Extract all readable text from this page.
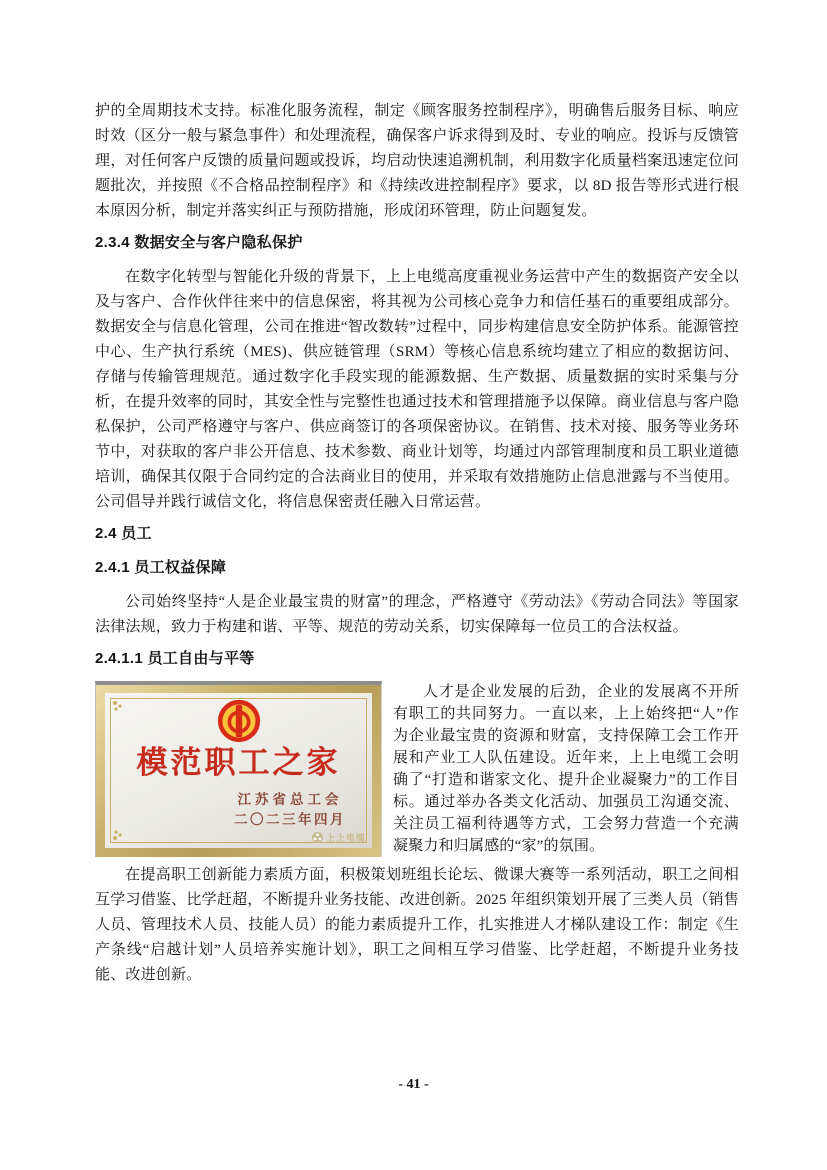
护的全周期技术支持。标准化服务流程，制定《顾客服务控制程序》，明确售后服务目标、响应时效（区分一般与紧急事件）和处理流程，确保客户诉求得到及时、专业的响应。投诉与反馈管理，对任何客户反馈的质量问题或投诉，均启动快速追溯机制，利用数字化质量档案迅速定位问题批次，并按照《不合格品控制程序》和《持续改进控制程序》要求，以 8D 报告等形式进行根本原因分析，制定并落实纠正与预防措施，形成闭环管理，防止问题复发。

2.3.4 数据安全与客户隐私保护

在数字化转型与智能化升级的背景下，上上电缆高度重视业务运营中产生的数据资产安全以及与客户、合作伙伴往来中的信息保密，将其视为公司核心竞争力和信任基石的重要组成部分。数据安全与信息化管理，公司在推进“智改数转”过程中，同步构建信息安全防护体系。能源管控中心、生产执行系统（MES)、供应链管理（SRM）等核心信息系统均建立了相应的数据访问、存储与传输管理规范。通过数字化手段实现的能源数据、生产数据、质量数据的实时采集与分析，在提升效率的同时，其安全性与完整性也通过技术和管理措施予以保障。商业信息与客户隐私保护，公司严格遵守与客户、供应商签订的各项保密协议。在销售、技术对接、服务等业务环节中，对获取的客户非公开信息、技术参数、商业计划等，均通过内部管理制度和员工职业道德培训，确保其仅限于合同约定的合法商业目的使用，并采取有效措施防止信息泄露与不当使用。公司倡导并践行诚信文化，将信息保密责任融入日常运营。

2.4 员工
2.4.1 员工权益保障

公司始终坚持“人是企业最宝贵的财富”的理念，严格遵守《劳动法》《劳动合同法》等国家法律法规，致力于构建和谐、平等、规范的劳动关系，切实保障每一位员工的合法权益。

2.4.1.1 员工自由与平等
模范职工之家
江苏省总工会
二〇二三年四月
上上电缆

人才是企业发展的后劲，企业的发展离不开所有职工的共同努力。一直以来，上上始终把“人”作为企业最宝贵的资源和财富，支持保障工会工作开展和产业工人队伍建设。近年来，上上电缆工会明确了“打造和谐家文化、提升企业凝聚力”的工作目标。通过举办各类文化活动、加强员工沟通交流、关注员工福利待遇等方式，工会努力营造一个充满凝聚力和归属感的“家”的氛围。

在提高职工创新能力素质方面，积极策划班组长论坛、微课大赛等一系列活动，职工之间相互学习借鉴、比学赶超，不断提升业务技能、改进创新。2025 年组织策划开展了三类人员（销售人员、管理技术人员、技能人员）的能力素质提升工作，扎实推进人才梯队建设工作：制定《生产条线“启越计划”人员培养实施计划》，职工之间相互学习借鉴、比学赶超，不断提升业务技能、改进创新。

- 41 -
